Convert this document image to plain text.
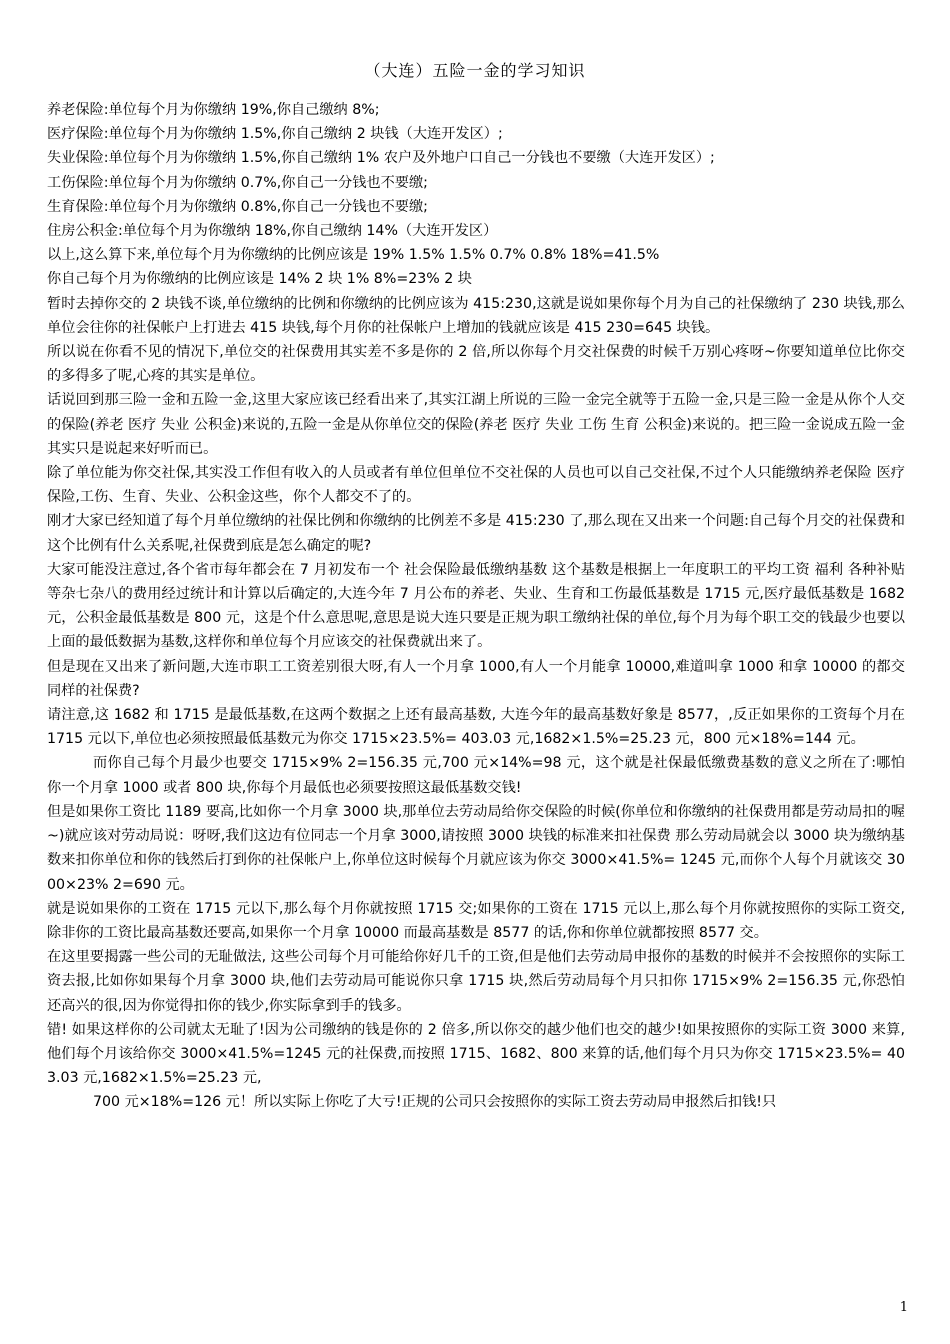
（大连）五险一金的学习知识

养老保险:单位每个月为你缴纳 19%,你自己缴纳 8%;

医疗保险:单位每个月为你缴纳 1.5%,你自己缴纳 2 块钱（大连开发区）;

失业保险:单位每个月为你缴纳 1.5%,你自己缴纳 1% 农户及外地户口自己一分钱也不要缴（大连开发区）;

工伤保险:单位每个月为你缴纳 0.7%,你自己一分钱也不要缴;

生育保险:单位每个月为你缴纳 0.8%,你自己一分钱也不要缴;

住房公积金:单位每个月为你缴纳 18%,你自己缴纳 14%（大连开发区）

以上,这么算下来,单位每个月为你缴纳的比例应该是 19% 1.5% 1.5% 0.7% 0.8% 18%=41.5%

你自己每个月为你缴纳的比例应该是 14% 2 块 1% 8%=23% 2 块

暂时去掉你交的 2 块钱不谈,单位缴纳的比例和你缴纳的比例应该为 415:230,这就是说如果你每个月为自己的社保缴纳了 230 块钱,那么单位会往你的社保帐户上打进去 415 块钱,每个月你的社保帐户上增加的钱就应该是 415 230=645 块钱。

所以说在你看不见的情况下,单位交的社保费用其实差不多是你的 2 倍,所以你每个月交社保费的时候千万别心疼呀~你要知道单位比你交的多得多了呢,心疼的其实是单位。

话说回到那三险一金和五险一金,这里大家应该已经看出来了,其实江湖上所说的三险一金完全就等于五险一金,只是三险一金是从你个人交的保险(养老 医疗 失业 公积金)来说的,五险一金是从你单位交的保险(养老 医疗 失业 工伤 生育 公积金)来说的。把三险一金说成五险一金其实只是说起来好听而已。

除了单位能为你交社保,其实没工作但有收入的人员或者有单位但单位不交社保的人员也可以自己交社保,不过个人只能缴纳养老保险 医疗保险,工伤、生育、失业、公积金这些，你个人都交不了的。

刚才大家已经知道了每个月单位缴纳的社保比例和你缴纳的比例差不多是 415:230 了,那么现在又出来一个问题:自己每个月交的社保费和这个比例有什么关系呢,社保费到底是怎么确定的呢?

大家可能没注意过,各个省市每年都会在 7 月初发布一个 社会保险最低缴纳基数 这个基数是根据上一年度职工的平均工资 福利 各种补贴等杂七杂八的费用经过统计和计算以后确定的,大连今年 7 月公布的养老、失业、生育和工伤最低基数是 1715 元,医疗最低基数是 1682 元，公积金最低基数是 800 元，这是个什么意思呢,意思是说大连只要是正规为职工缴纳社保的单位,每个月为每个职工交的钱最少也要以上面的最低数据为基数,这样你和单位每个月应该交的社保费就出来了。

但是现在又出来了新问题,大连市职工工资差别很大呀,有人一个月拿 1000,有人一个月能拿 10000,难道叫拿 1000 和拿 10000 的都交同样的社保费?

请注意,这 1682 和 1715 是最低基数,在这两个数据之上还有最高基数, 大连今年的最高基数好象是 8577，,反正如果你的工资每个月在 1715 元以下,单位也必须按照最低基数元为你交 1715×23.5%= 403.03 元,1682×1.5%=25.23 元，800 元×18%=144 元。

而你自己每个月最少也要交 1715×9% 2=156.35 元,700 元×14%=98 元，这个就是社保最低缴费基数的意义之所在了:哪怕你一个月拿 1000 或者 800 块,你每个月最低也必须要按照这最低基数交钱!

但是如果你工资比 1189 要高,比如你一个月拿 3000 块,那单位去劳动局给你交保险的时候(你单位和你缴纳的社保费用都是劳动局扣的喔~)就应该对劳动局说：呀呀,我们这边有位同志一个月拿 3000,请按照 3000 块钱的标准来扣社保费 那么劳动局就会以 3000 块为缴纳基数来扣你单位和你的钱然后打到你的社保帐户上,你单位这时候每个月就应该为你交 3000×41.5%= 1245 元,而你个人每个月就该交 3000×23% 2=690 元。

就是说如果你的工资在 1715 元以下,那么每个月你就按照 1715 交;如果你的工资在 1715 元以上,那么每个月你就按照你的实际工资交,除非你的工资比最高基数还要高,如果你一个月拿 10000 而最高基数是 8577 的话,你和你单位就都按照 8577 交。

在这里要揭露一些公司的无耻做法, 这些公司每个月可能给你好几千的工资,但是他们去劳动局申报你的基数的时候并不会按照你的实际工资去报,比如你如果每个月拿 3000 块,他们去劳动局可能说你只拿 1715 块,然后劳动局每个月只扣你 1715×9% 2=156.35 元,你恐怕还高兴的很,因为你觉得扣你的钱少,你实际拿到手的钱多。

错! 如果这样你的公司就太无耻了!因为公司缴纳的钱是你的 2 倍多,所以你交的越少他们也交的越少!如果按照你的实际工资 3000 来算,他们每个月该给你交 3000×41.5%=1245 元的社保费,而按照 1715、1682、800 来算的话,他们每个月只为你交 1715×23.5%= 403.03 元,1682×1.5%=25.23 元,

700 元×18%=126 元！所以实际上你吃了大亏!正规的公司只会按照你的实际工资去劳动局申报然后扣钱!只

1
